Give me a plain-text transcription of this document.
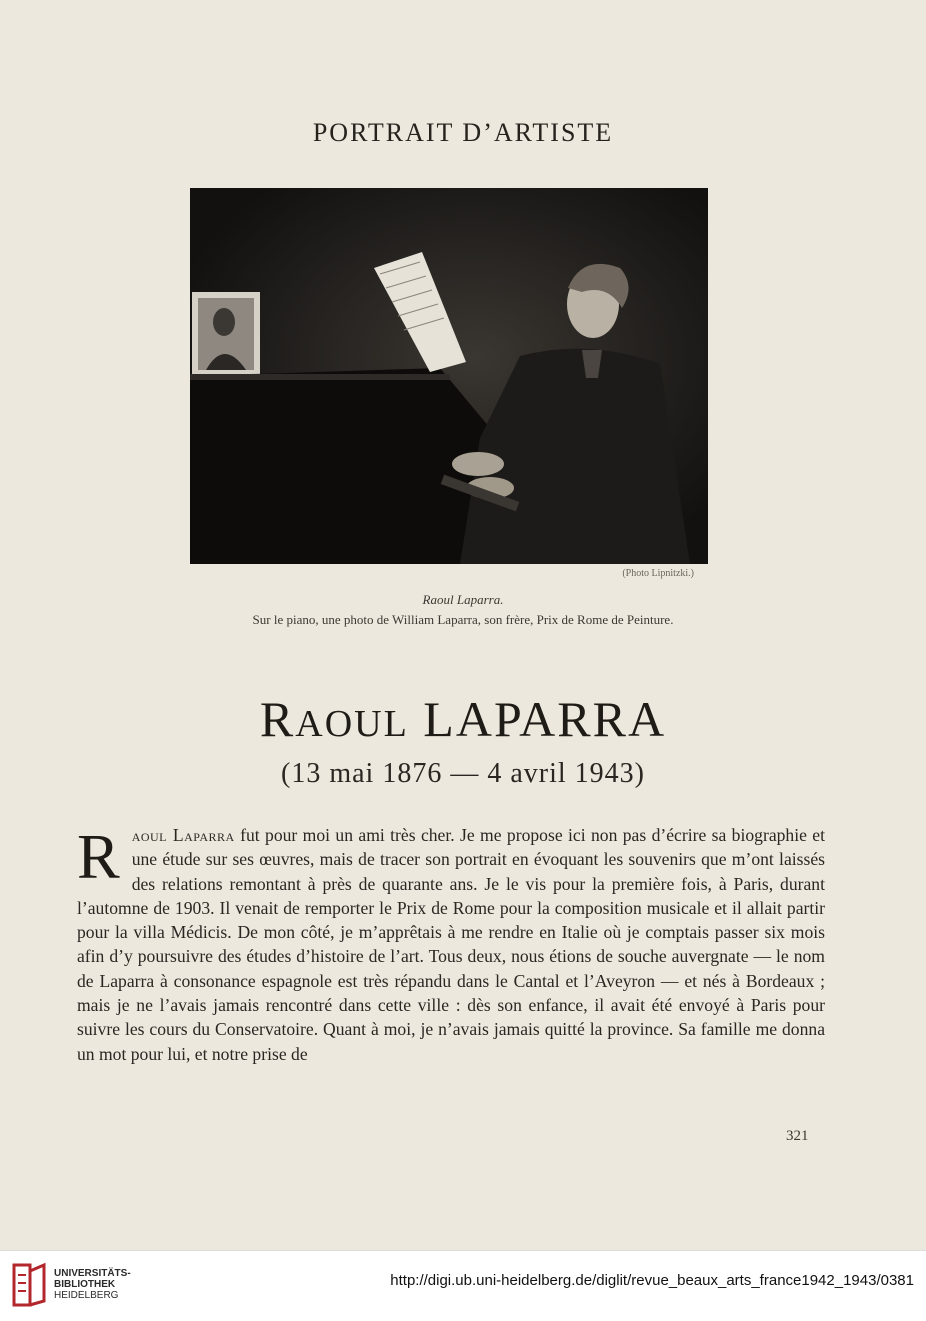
PORTRAIT D’ARTISTE
(Photo Lipnitzki.)
Raoul Laparra.
Sur le piano, une photo de William Laparra, son frère, Prix de Rome de Peinture.
RAOUL LAPARRA
(13 mai 1876 — 4 avril 1943)
Raoul Laparra fut pour moi un ami très cher. Je me propose ici non pas d’écrire sa biographie et une étude sur ses œuvres, mais de tracer son portrait en évoquant les souvenirs que m’ont laissés des relations remontant à près de quarante ans. Je le vis pour la première fois, à Paris, durant l’automne de 1903. Il venait de remporter le Prix de Rome pour la composition musicale et il allait partir pour la villa Médicis. De mon côté, je m’apprêtais à me rendre en Italie où je comptais passer six mois afin d’y poursuivre des études d’histoire de l’art. Tous deux, nous étions de souche auvergnate — le nom de Laparra à consonance espagnole est très répandu dans le Cantal et l’Aveyron — et nés à Bordeaux ; mais je ne l’avais jamais rencontré dans cette ville : dès son enfance, il avait été envoyé à Paris pour suivre les cours du Conservatoire. Quant à moi, je n’avais jamais quitté la province. Sa famille me donna un mot pour lui, et notre prise de
321
UNIVERSITÄTS-
BIBLIOTHEK
HEIDELBERG
http://digi.ub.uni-heidelberg.de/diglit/revue_beaux_arts_france1942_1943/0381
